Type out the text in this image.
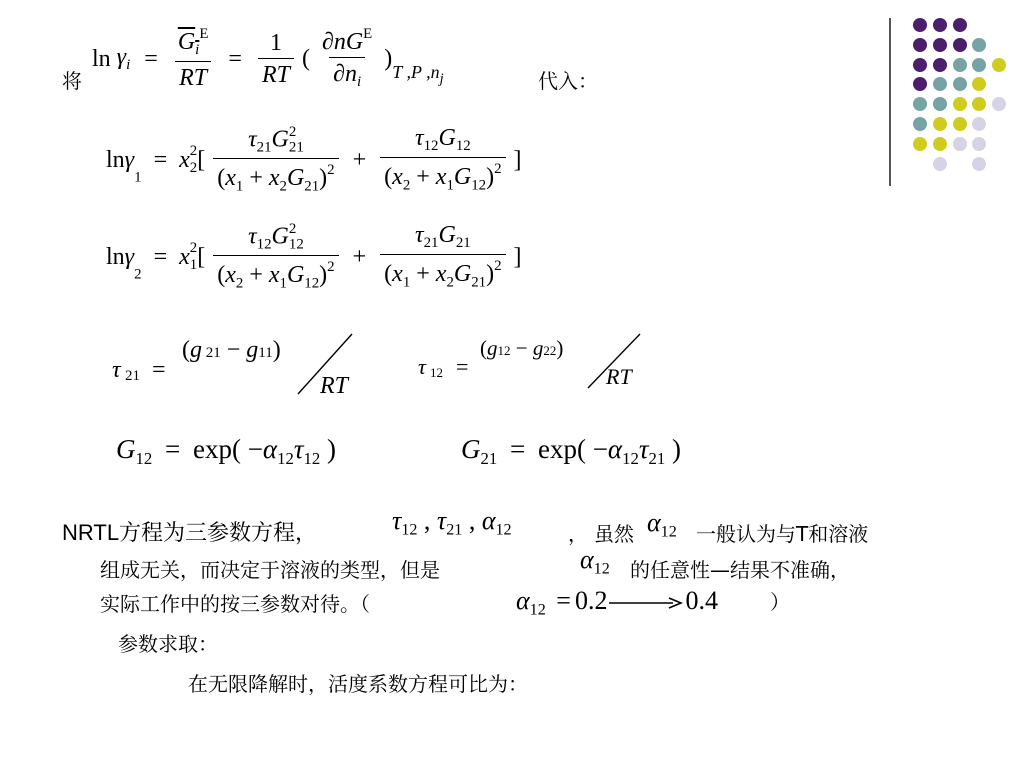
将
$\ln \gamma_i = \frac{G_i^E}{RT} = \frac{1}{RT}$ ( $\frac{\partial nG^E}{\partial n_i} )_{T ,P ,n_j}$	代入：
$\ln\gamma_1 = x2_2[ \frac{\tau_{21}G2_{21}}{(x_1 + x_2G_{21})^2} + \frac{\tau_{12}G_{12}}{(x_2 + x_1G_{12})^2}$ ]
$\ln\gamma_2 = x2_1[ \frac{\tau_{12}G2_{12}}{(x_2 + x_1G_{12})^2} + \frac{\tau_{21}G_{21}}{(x_1 + x_2G_{21})^2}$ ]
τ 21 =
(g 21 − g11)
RT
τ 12 =
(g12 − g22)
RT
$G_{12} = \exp( -\alpha_{12}\tau_{12}$ )	$G_{21} = \exp( -\alpha_{12}\tau_{21}$ )
NRTL方程为三参数方程，	$\tau_{12}$ , $\tau_{21}$ , $\alpha_{12}$	， 虽然 $\alpha_{12}$ 一般认为与T和溶液
组成无关，而决定于溶液的类型，但是	$\alpha_{12}$ 的任意性—结果不准确，
实际工作中的按三参数对待。（	$\alpha_{12} = 0.2$	0.4	）
参数求取：
在无限降解时，活度系数方程可比为：
